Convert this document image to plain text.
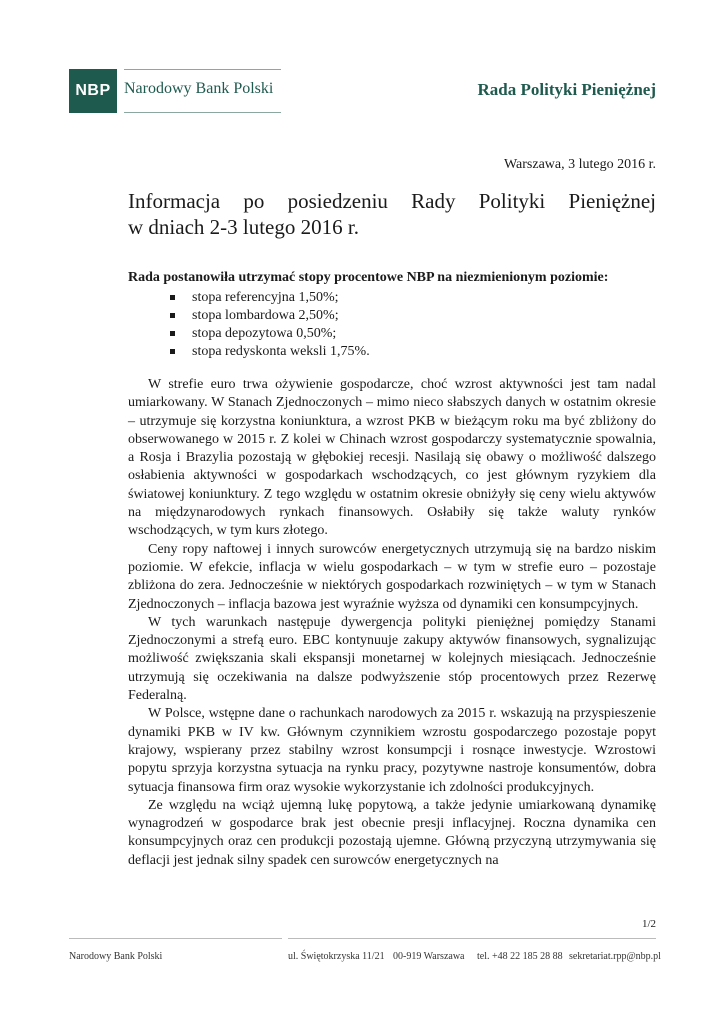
NBP Narodowy Bank Polski	Rada Polityki Pieniężnej
Warszawa, 3 lutego 2016 r.
Informacja po posiedzeniu Rady Polityki Pieniężnej
w dniach 2-3 lutego 2016 r.

Rada postanowiła utrzymać stopy procentowe NBP na niezmienionym poziomie:

stopa referencyjna 1,50%;
stopa lombardowa 2,50%;
stopa depozytowa 0,50%;
stopa redyskonta weksli 1,75%.

W strefie euro trwa ożywienie gospodarcze, choć wzrost aktywności jest tam nadal umiarkowany. W Stanach Zjednoczonych – mimo nieco słabszych danych w ostatnim okresie – utrzymuje się korzystna koniunktura, a wzrost PKB w bieżącym roku ma być zbliżony do obserwowanego w 2015 r. Z kolei w Chinach wzrost gospodarczy systematycznie spowalnia, a Rosja i Brazylia pozostają w głębokiej recesji. Nasilają się obawy o możliwość dalszego osłabienia aktywności w gospodarkach wschodzących, co jest głównym ryzykiem dla światowej koniunktury. Z tego względu w ostatnim okresie obniżyły się ceny wielu aktywów na międzynarodowych rynkach finansowych. Osłabiły się także waluty rynków wschodzących, w tym kurs złotego.

Ceny ropy naftowej i innych surowców energetycznych utrzymują się na bardzo niskim poziomie. W efekcie, inflacja w wielu gospodarkach – w tym w strefie euro – pozostaje zbliżona do zera. Jednocześnie w niektórych gospodarkach rozwiniętych – w tym w Stanach Zjednoczonych – inflacja bazowa jest wyraźnie wyższa od dynamiki cen konsumpcyjnych.

W tych warunkach następuje dywergencja polityki pieniężnej pomiędzy Stanami Zjednoczonymi a strefą euro. EBC kontynuuje zakupy aktywów finansowych, sygnalizując możliwość zwiększania skali ekspansji monetarnej w kolejnych miesiącach. Jednocześnie utrzymują się oczekiwania na dalsze podwyższenie stóp procentowych przez Rezerwę Federalną.

W Polsce, wstępne dane o rachunkach narodowych za 2015 r. wskazują na przyspieszenie dynamiki PKB w IV kw. Głównym czynnikiem wzrostu gospodarczego pozostaje popyt krajowy, wspierany przez stabilny wzrost konsumpcji i rosnące inwestycje. Wzrostowi popytu sprzyja korzystna sytuacja na rynku pracy, pozytywne nastroje konsumentów, dobra sytuacja finansowa firm oraz wysokie wykorzystanie ich zdolności produkcyjnych.

Ze względu na wciąż ujemną lukę popytową, a także jedynie umiarkowaną dynamikę wynagrodzeń w gospodarce brak jest obecnie presji inflacyjnej. Roczna dynamika cen konsumpcyjnych oraz cen produkcji pozostają ujemne. Główną przyczyną utrzymywania się deflacji jest jednak silny spadek cen surowców energetycznych na

1/2
Narodowy Bank Polski	ul. Świętokrzyska 11/21 00-919 Warszawa tel. +48 22 185 28 88 sekretariat.rpp@nbp.pl
